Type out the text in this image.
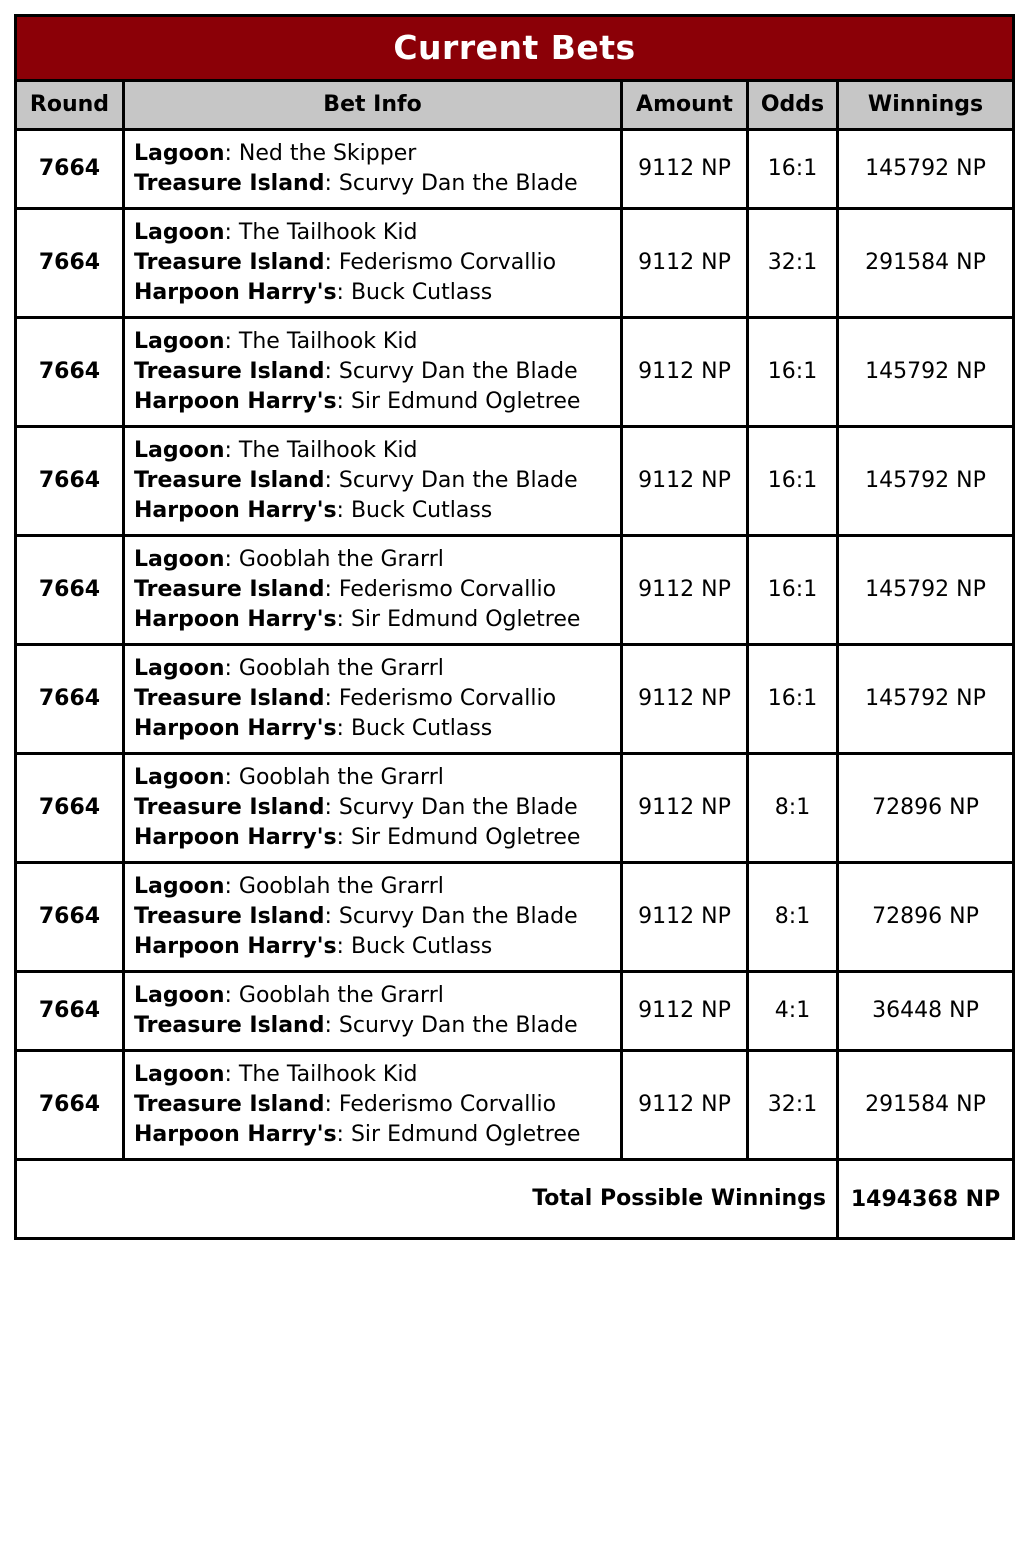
Current Bets				
Round	Bet Info	Amount	Odds	Winnings
7664	Lagoon: Ned the Skipper
Treasure Island: Scurvy Dan the Blade	9112 NP	16:1	145792 NP
7664	Lagoon: The Tailhook Kid
Treasure Island: Federismo Corvallio
Harpoon Harry's: Buck Cutlass	9112 NP	32:1	291584 NP
7664	Lagoon: The Tailhook Kid
Treasure Island: Scurvy Dan the Blade
Harpoon Harry's: Sir Edmund Ogletree	9112 NP	16:1	145792 NP
7664	Lagoon: The Tailhook Kid
Treasure Island: Scurvy Dan the Blade
Harpoon Harry's: Buck Cutlass	9112 NP	16:1	145792 NP
7664	Lagoon: Gooblah the Grarrl
Treasure Island: Federismo Corvallio
Harpoon Harry's: Sir Edmund Ogletree	9112 NP	16:1	145792 NP
7664	Lagoon: Gooblah the Grarrl
Treasure Island: Federismo Corvallio
Harpoon Harry's: Buck Cutlass	9112 NP	16:1	145792 NP
7664	Lagoon: Gooblah the Grarrl
Treasure Island: Scurvy Dan the Blade
Harpoon Harry's: Sir Edmund Ogletree	9112 NP	8:1	72896 NP
7664	Lagoon: Gooblah the Grarrl
Treasure Island: Scurvy Dan the Blade
Harpoon Harry's: Buck Cutlass	9112 NP	8:1	72896 NP
7664	Lagoon: Gooblah the Grarrl
Treasure Island: Scurvy Dan the Blade	9112 NP	4:1	36448 NP
7664	Lagoon: The Tailhook Kid
Treasure Island: Federismo Corvallio
Harpoon Harry's: Sir Edmund Ogletree	9112 NP	32:1	291584 NP
Total Possible Winnings				1494368 NP
